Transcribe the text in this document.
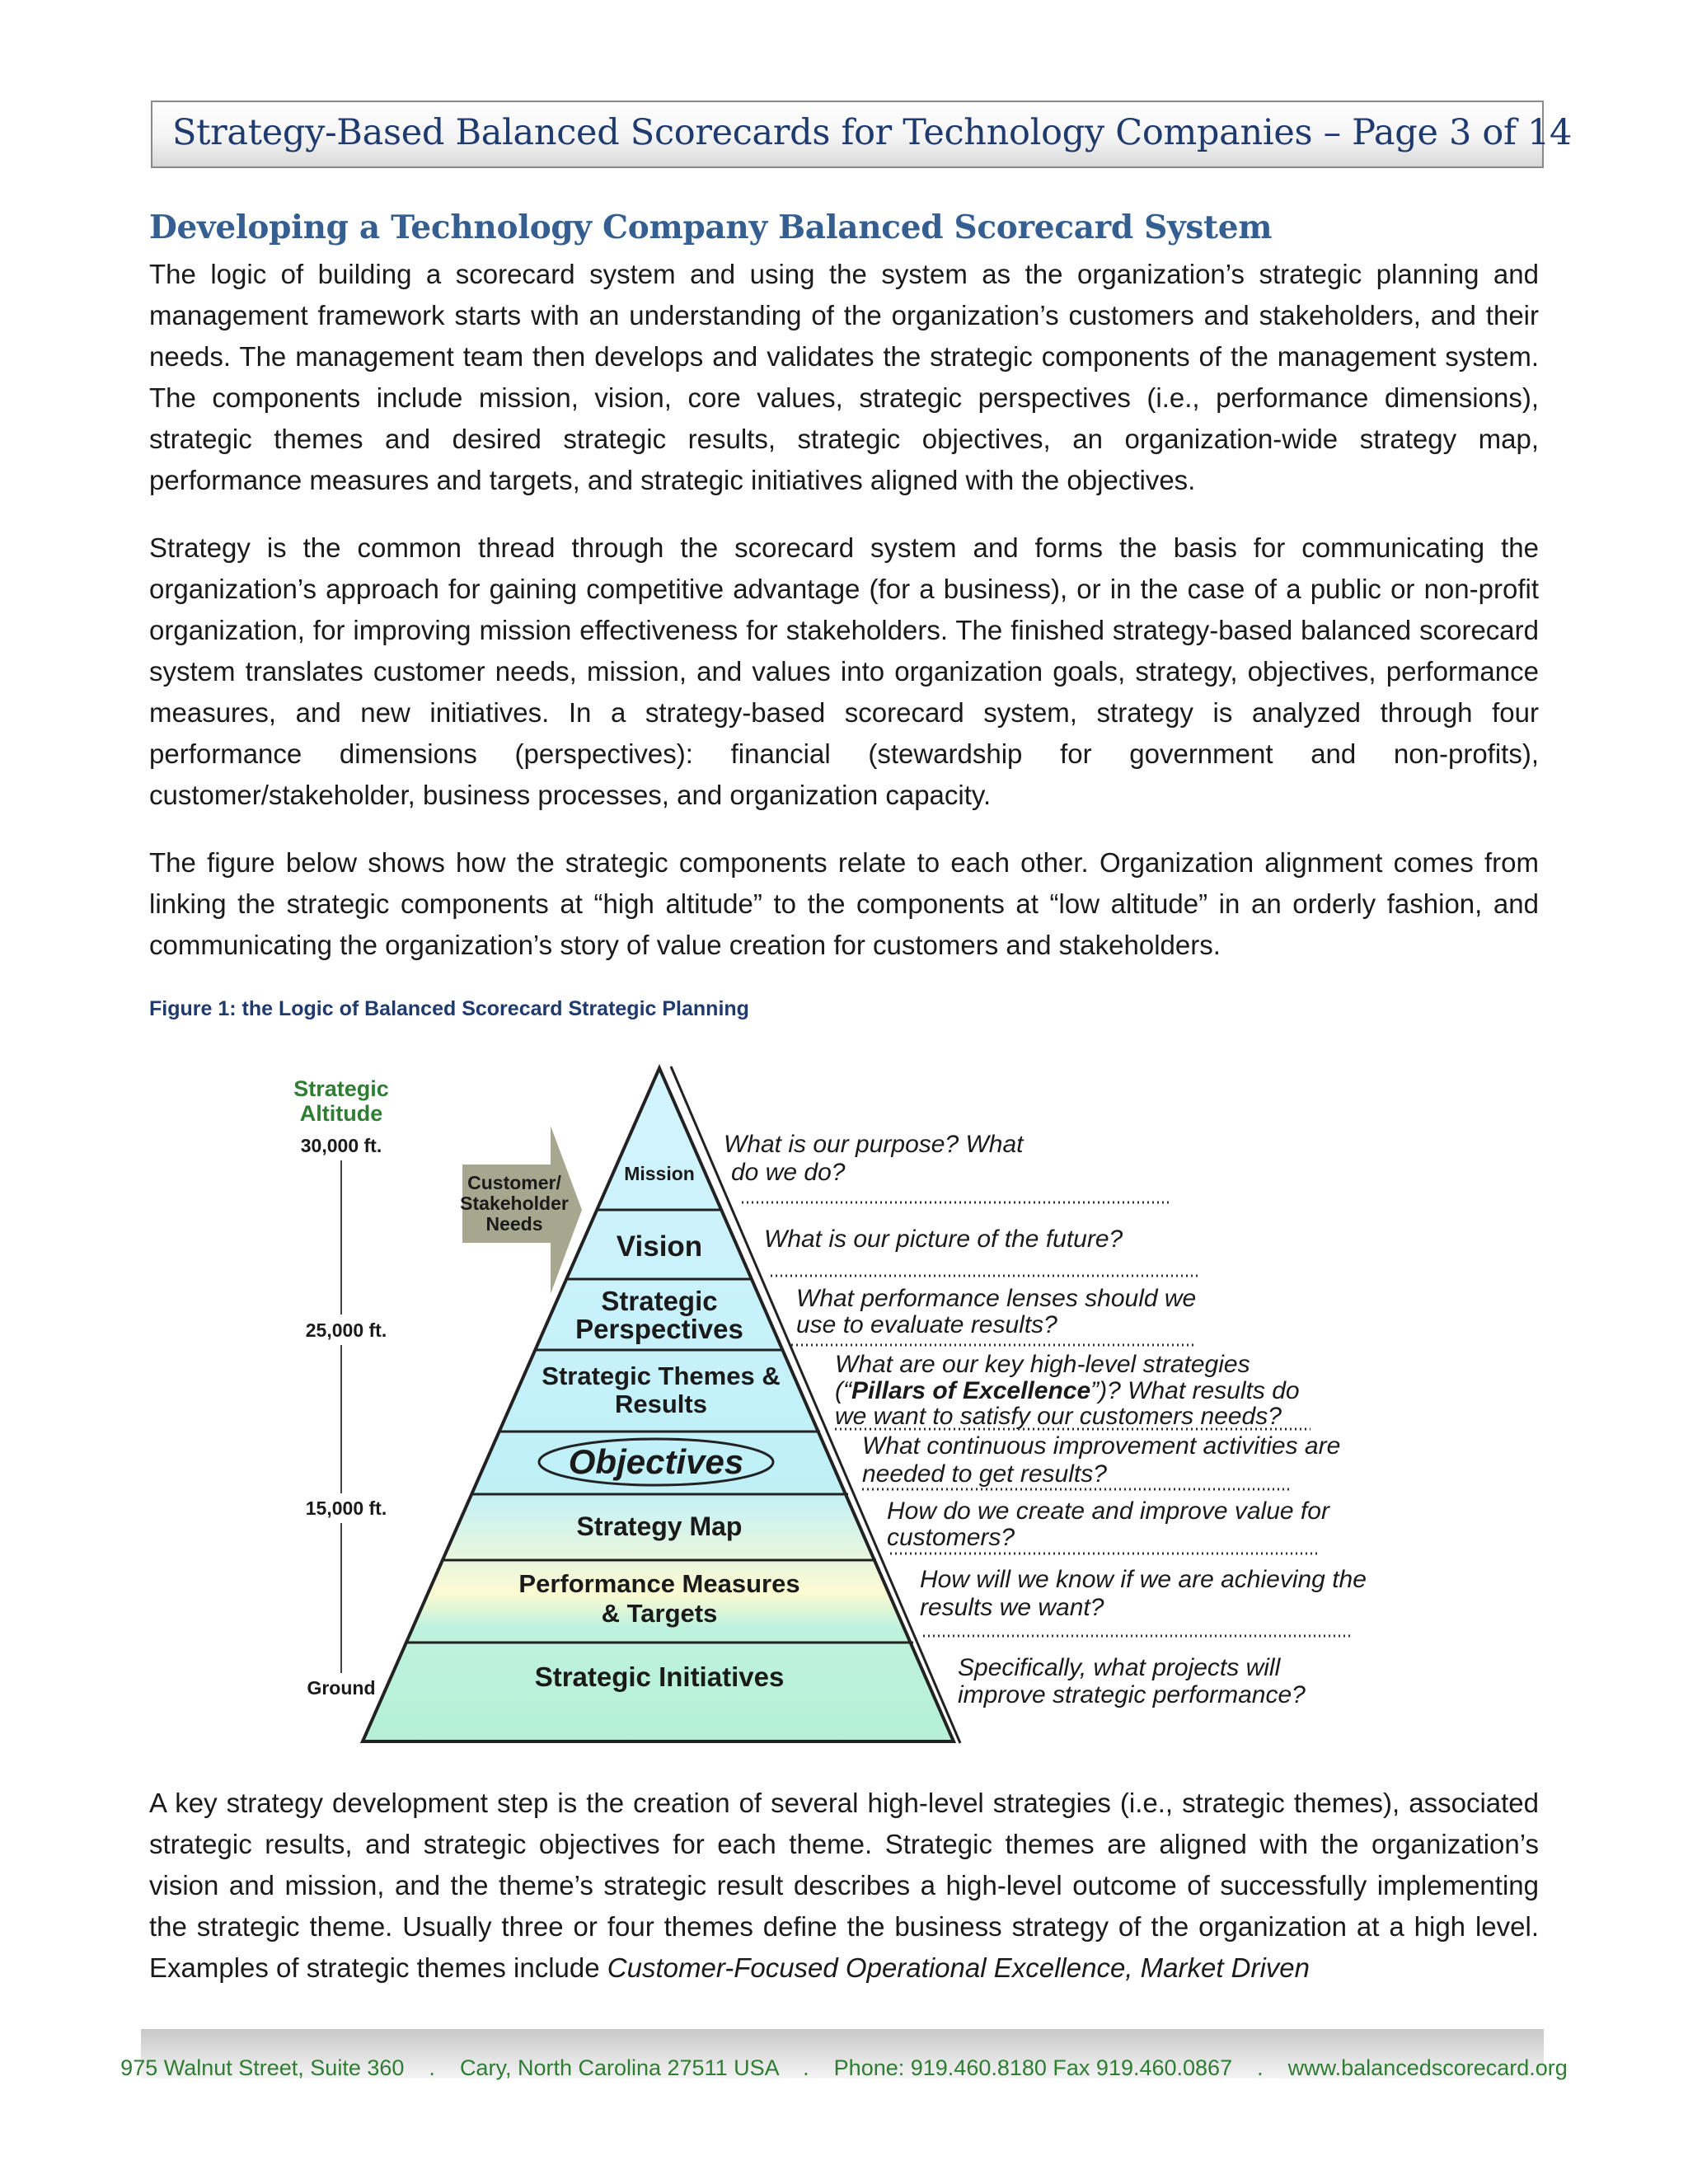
Strategy-Based Balanced Scorecards for Technology Companies – Page 3 of 14
Developing a Technology Company Balanced Scorecard System

The logic of building a scorecard system and using the system as the organization’s strategic planning and management framework starts with an understanding of the organization’s customers and stakeholders, and their needs. The management team then develops and validates the strategic components of the management system. The components include mission, vision, core values, strategic perspectives (i.e., performance dimensions), strategic themes and desired strategic results, strategic objectives, an organization-wide strategy map, performance measures and targets, and strategic initiatives aligned with the objectives.

Strategy is the common thread through the scorecard system and forms the basis for communicating the organization’s approach for gaining competitive advantage (for a business), or in the case of a public or non-profit organization, for improving mission effectiveness for stakeholders. The finished strategy-based balanced scorecard system translates customer needs, mission, and values into organization goals, strategy, objectives, performance measures, and new initiatives. In a strategy-based scorecard system, strategy is analyzed through four performance dimensions (perspectives): financial (stewardship for government and non-profits), customer/stakeholder, business processes, and organization capacity.

The figure below shows how the strategic components relate to each other. Organization alignment comes from linking the strategic components at “high altitude” to the components at “low altitude” in an orderly fashion, and communicating the organization’s story of value creation for customers and stakeholders.

Figure 1: the Logic of Balanced Scorecard Strategic Planning
Strategic
Altitude
30,000 ft.
25,000 ft.
15,000 ft.
Ground
Customer/
Stakeholder
Needs
Mission
Vision
Strategic
Perspectives
Strategic Themes &
Results
Objectives
Strategy Map
Performance Measures
& Targets
Strategic Initiatives
What is our purpose? What
do we do?
What is our picture of the future?
What performance lenses should we
use to evaluate results?
What are our key high-level strategies
(“Pillars of Excellence”)? What results do
we want to satisfy our customers needs?
What continuous improvement activities are
needed to get results?
How do we create and improve value for
customers?
How will we know if we are achieving the
results we want?
Specifically, what projects will
improve strategic performance?

A key strategy development step is the creation of several high-level strategies (i.e., strategic themes), associated strategic results, and strategic objectives for each theme. Strategic themes are aligned with the organization’s vision and mission, and the theme’s strategic result describes a high-level outcome of successfully implementing the strategic theme. Usually three or four themes define the business strategy of the organization at a high level. Examples of strategic themes include Customer-Focused Operational Excellence, Market Driven

975 Walnut Street, Suite 360 . Cary, North Carolina 27511 USA . Phone: 919.460.8180 Fax 919.460.0867 . www.balancedscorecard.org
